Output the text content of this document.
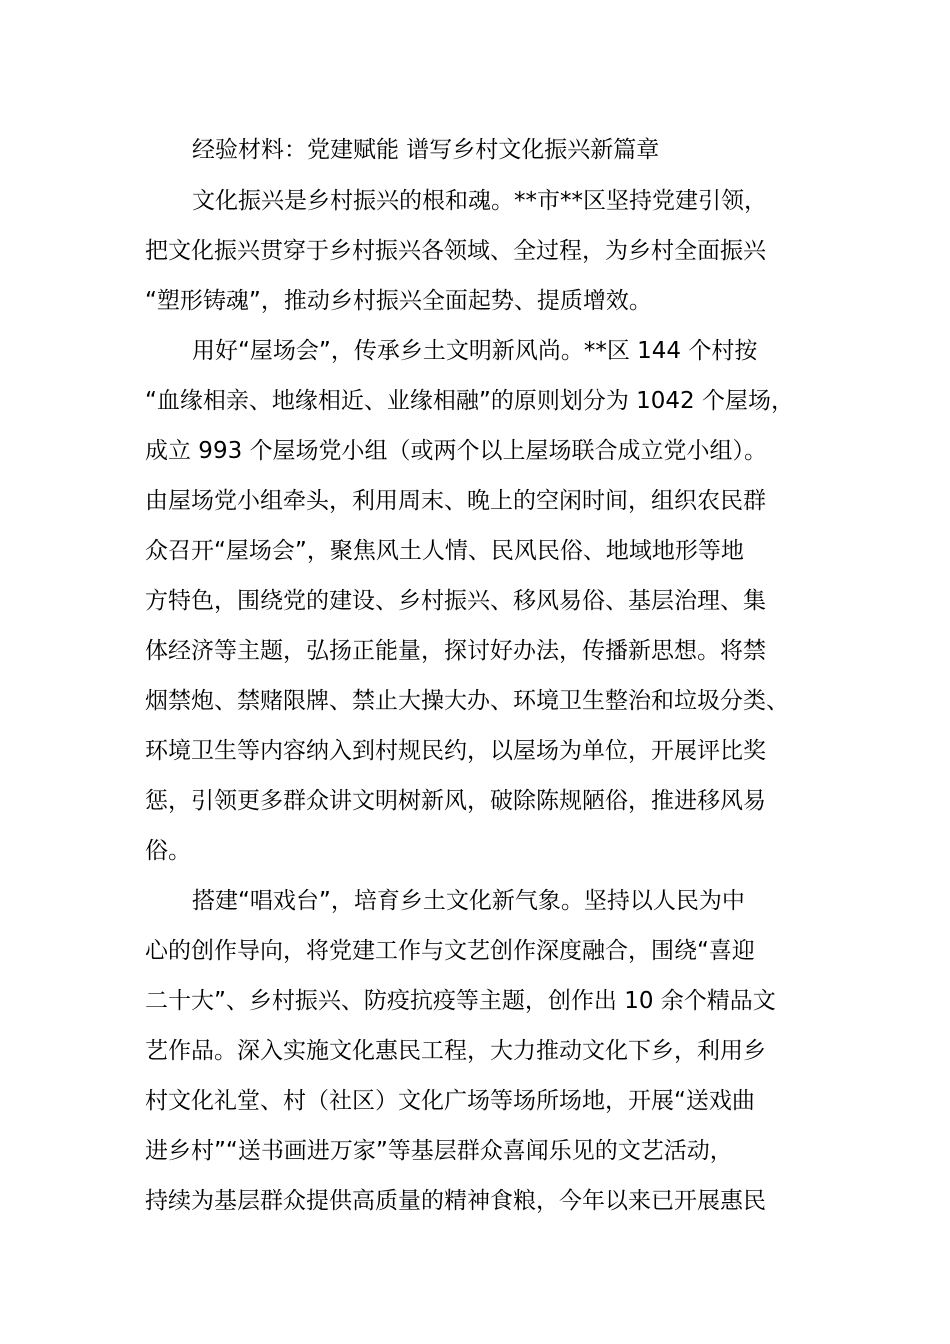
经验材料：党建赋能 谱写乡村文化振兴新篇章
文化振兴是乡村振兴的根和魂。**市**区坚持党建引领，
把文化振兴贯穿于乡村振兴各领域、全过程，为乡村全面振兴
“塑形铸魂”，推动乡村振兴全面起势、提质增效。
用好“屋场会”，传承乡土文明新风尚。**区 144 个村按
“血缘相亲、地缘相近、业缘相融”的原则划分为 1042 个屋场，
成立 993 个屋场党小组（或两个以上屋场联合成立党小组）。
由屋场党小组牵头，利用周末、晚上的空闲时间，组织农民群
众召开“屋场会”，聚焦风土人情、民风民俗、地域地形等地
方特色，围绕党的建设、乡村振兴、移风易俗、基层治理、集
体经济等主题，弘扬正能量，探讨好办法，传播新思想。将禁
烟禁炮、禁赌限牌、禁止大操大办、环境卫生整治和垃圾分类、
环境卫生等内容纳入到村规民约，以屋场为单位，开展评比奖
惩，引领更多群众讲文明树新风，破除陈规陋俗，推进移风易
俗。
搭建“唱戏台”，培育乡土文化新气象。坚持以人民为中
心的创作导向，将党建工作与文艺创作深度融合，围绕“喜迎
二十大”、乡村振兴、防疫抗疫等主题，创作出 10 余个精品文
艺作品。深入实施文化惠民工程，大力推动文化下乡，利用乡
村文化礼堂、村（社区）文化广场等场所场地，开展“送戏曲
进乡村”“送书画进万家”等基层群众喜闻乐见的文艺活动，
持续为基层群众提供高质量的精神食粮，今年以来已开展惠民
